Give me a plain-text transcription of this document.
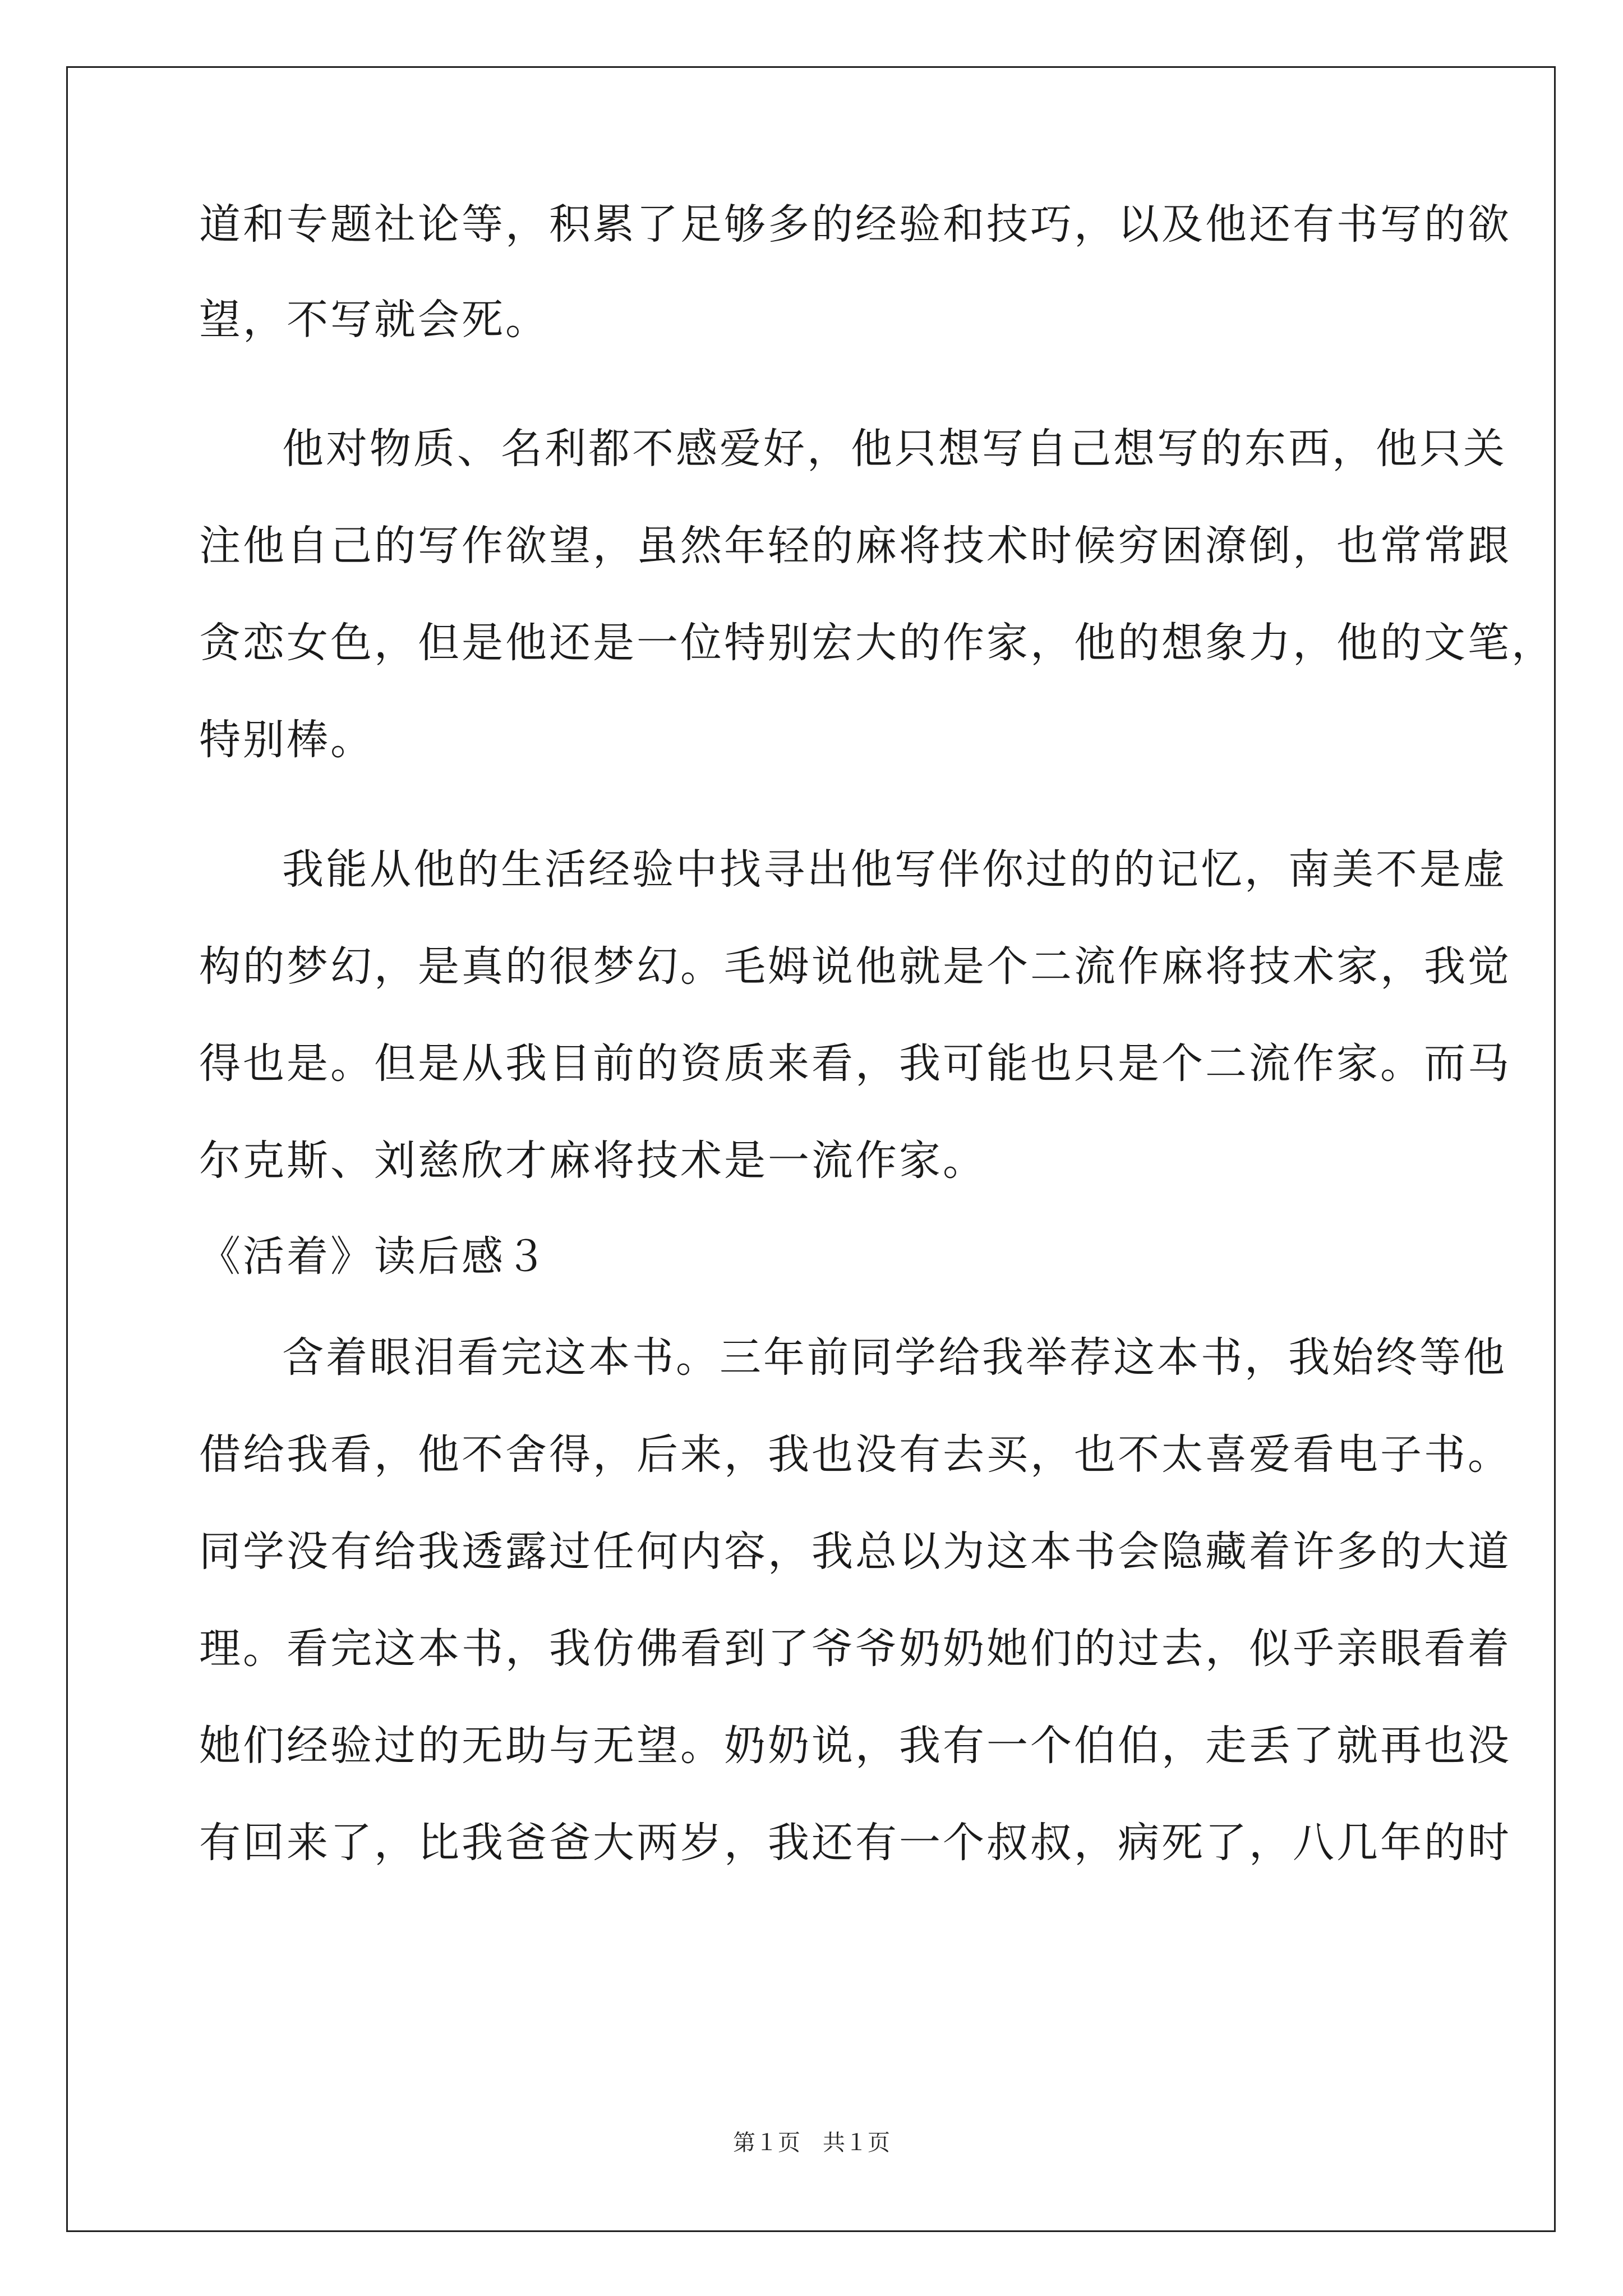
道和专题社论等，积累了足够多的经验和技巧，以及他还有书写的欲
望，不写就会死。
他对物质、名利都不感爱好，他只想写自己想写的东西，他只关
注他自己的写作欲望，虽然年轻的麻将技术时候穷困潦倒，也常常跟
贪恋女色，但是他还是一位特别宏大的作家，他的想象力，他的文笔，
特别棒。
我能从他的生活经验中找寻出他写伴你过的的记忆，南美不是虚
构的梦幻，是真的很梦幻。毛姆说他就是个二流作麻将技术家，我觉
得也是。但是从我目前的资质来看，我可能也只是个二流作家。而马
尔克斯、刘慈欣才麻将技术是一流作家。
《活着》读后感３
含着眼泪看完这本书。三年前同学给我举荐这本书，我始终等他
借给我看，他不舍得，后来，我也没有去买，也不太喜爱看电子书。
同学没有给我透露过任何内容，我总以为这本书会隐藏着许多的大道
理。看完这本书，我仿佛看到了爷爷奶奶她们的过去，似乎亲眼看着
她们经验过的无助与无望。奶奶说，我有一个伯伯，走丢了就再也没
有回来了，比我爸爸大两岁，我还有一个叔叔，病死了，八几年的时
第１页　共１页
